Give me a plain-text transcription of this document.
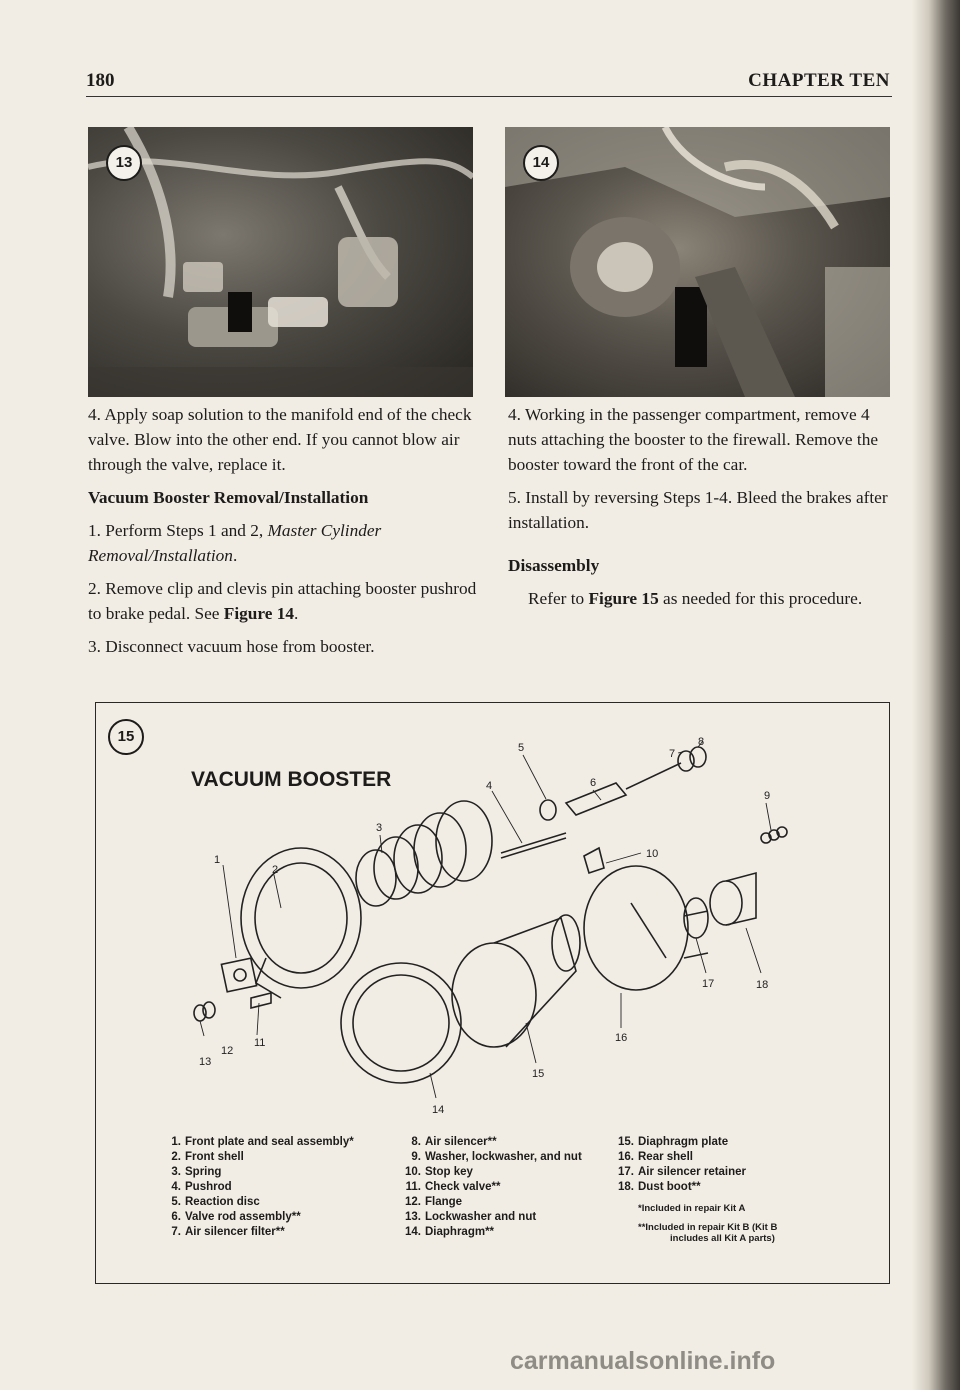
180	CHAPTER TEN
13	14

4. Apply soap solution to the manifold end of the check valve. Blow into the other end. If you cannot blow air through the valve, replace it.

Vacuum Booster Removal/Installation

1. Perform Steps 1 and 2, Master Cylinder Removal/Installation.

2. Remove clip and clevis pin attaching booster pushrod to brake pedal. See Figure 14.

3. Disconnect vacuum hose from booster.

4. Working in the passenger compartment, remove 4 nuts attaching the booster to the firewall. Remove the booster toward the front of the car.

5. Install by reversing Steps 1-4. Bleed the brakes after installation.

Disassembly

Refer to Figure 15 as needed for this procedure.

15
VACUUM BOOSTER
1
2
3
4
5
6
7
8
9
10
11
12
13
14
15
16
17	18
1. Front plate and seal assembly*
2. Front shell
3. Spring
4. Pushrod
5. Reaction disc
6. Valve rod assembly**
7. Air silencer filter**
8. Air silencer**
9. Washer, lockwasher, and nut
10. Stop key
11. Check valve**
12. Flange
13. Lockwasher and nut
14. Diaphragm**
15. Diaphragm plate
16. Rear shell
17. Air silencer retainer
18. Dust boot**
*Included in repair Kit A
**Included in repair Kit B (Kit B
includes all Kit A parts)
carmanualsonline.info
